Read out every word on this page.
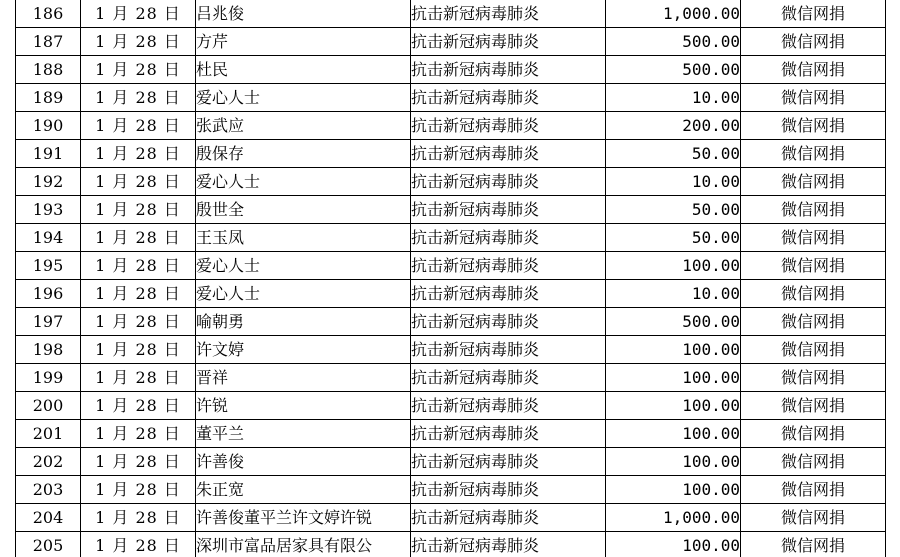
186	1 月 28 日	吕兆俊	抗击新冠病毒肺炎	1,000.00	微信网捐
187	1 月 28 日	方芹	抗击新冠病毒肺炎	500.00	微信网捐
188	1 月 28 日	杜民	抗击新冠病毒肺炎	500.00	微信网捐
189	1 月 28 日	爱心人士	抗击新冠病毒肺炎	10.00	微信网捐
190	1 月 28 日	张武应	抗击新冠病毒肺炎	200.00	微信网捐
191	1 月 28 日	殷保存	抗击新冠病毒肺炎	50.00	微信网捐
192	1 月 28 日	爱心人士	抗击新冠病毒肺炎	10.00	微信网捐
193	1 月 28 日	殷世全	抗击新冠病毒肺炎	50.00	微信网捐
194	1 月 28 日	王玉凤	抗击新冠病毒肺炎	50.00	微信网捐
195	1 月 28 日	爱心人士	抗击新冠病毒肺炎	100.00	微信网捐
196	1 月 28 日	爱心人士	抗击新冠病毒肺炎	10.00	微信网捐
197	1 月 28 日	喻朝勇	抗击新冠病毒肺炎	500.00	微信网捐
198	1 月 28 日	许文婷	抗击新冠病毒肺炎	100.00	微信网捐
199	1 月 28 日	晋祥	抗击新冠病毒肺炎	100.00	微信网捐
200	1 月 28 日	许锐	抗击新冠病毒肺炎	100.00	微信网捐
201	1 月 28 日	董平兰	抗击新冠病毒肺炎	100.00	微信网捐
202	1 月 28 日	许善俊	抗击新冠病毒肺炎	100.00	微信网捐
203	1 月 28 日	朱正宽	抗击新冠病毒肺炎	100.00	微信网捐
204	1 月 28 日	许善俊董平兰许文婷许锐	抗击新冠病毒肺炎	1,000.00	微信网捐
205	1 月 28 日	深圳市富品居家具有限公	抗击新冠病毒肺炎	100.00	微信网捐
